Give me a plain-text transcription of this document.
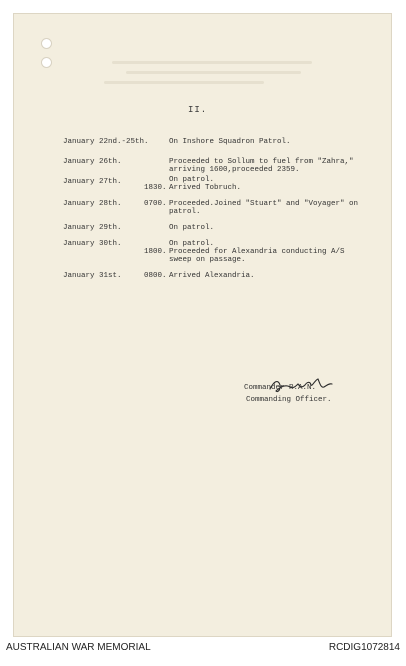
II.
January 22nd.-25th.	On Inshore Squadron Patrol.
January 26th.	Proceeded to Sollum to fuel from "Zahra,"
arriving 1600,proceeded 2359.
January 27th.	On patrol.
1830. Arrived Tobruch.
January 28th.	0700. Proceeded.Joined "Stuart" and "Voyager" on
patrol.
January 29th.	On patrol.
January 30th.	On patrol.
1800. Proceeded for Alexandria conducting A/S
sweep on passage.
January 31st.	0800. Arrived Alexandria.
Commander R.A.N.
Commanding Officer.
AUSTRALIAN WAR MEMORIAL	RCDIG1072814
